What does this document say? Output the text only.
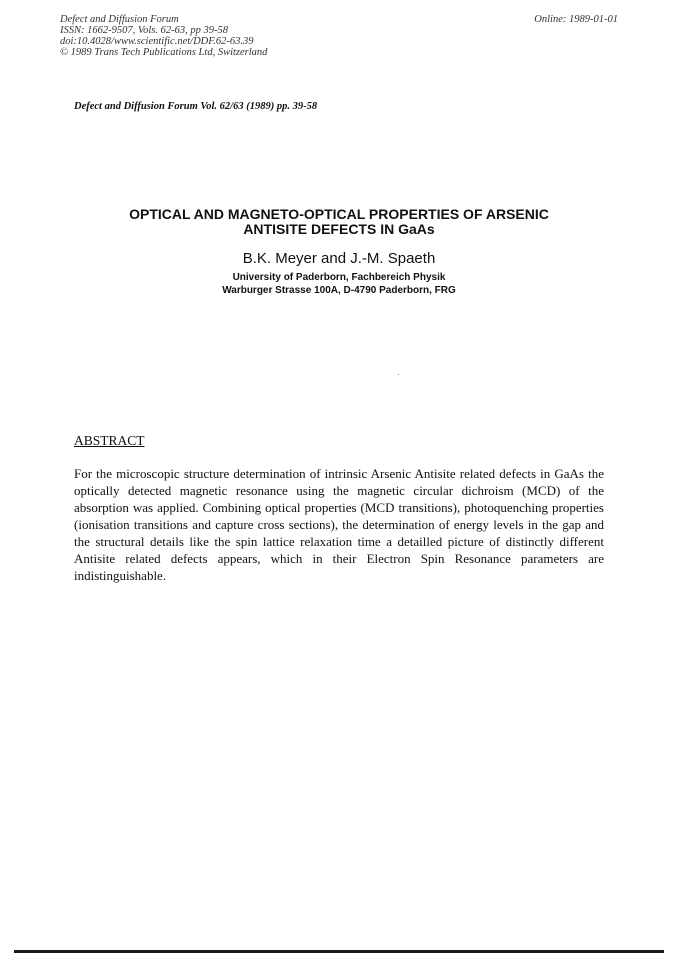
Defect and Diffusion Forum
ISSN: 1662-9507, Vols. 62-63, pp 39-58
doi:10.4028/www.scientific.net/DDF.62-63.39
© 1989 Trans Tech Publications Ltd, Switzerland
Online: 1989-01-01
Defect and Diffusion Forum Vol. 62/63 (1989) pp. 39-58
OPTICAL AND MAGNETO-OPTICAL PROPERTIES OF ARSENIC
ANTISITE DEFECTS IN GaAs
B.K. Meyer and J.-M. Spaeth
University of Paderborn, Fachbereich Physik
Warburger Strasse 100A, D-4790 Paderborn, FRG
ABSTRACT
For the microscopic structure determination of intrinsic Arsenic Antisite related defects in GaAs the optically detected magnetic resonance using the magnetic circular dichroism (MCD) of the absorption was applied. Combining optical properties (MCD transitions), photoquenching properties (ionisation transitions and capture cross sections), the determination of energy levels in the gap and the structural details like the spin lattice relaxation time a detailled picture of distinctly different Antisite related defects appears, which in their Electron Spin Resonance parameters are indistinguishable.
